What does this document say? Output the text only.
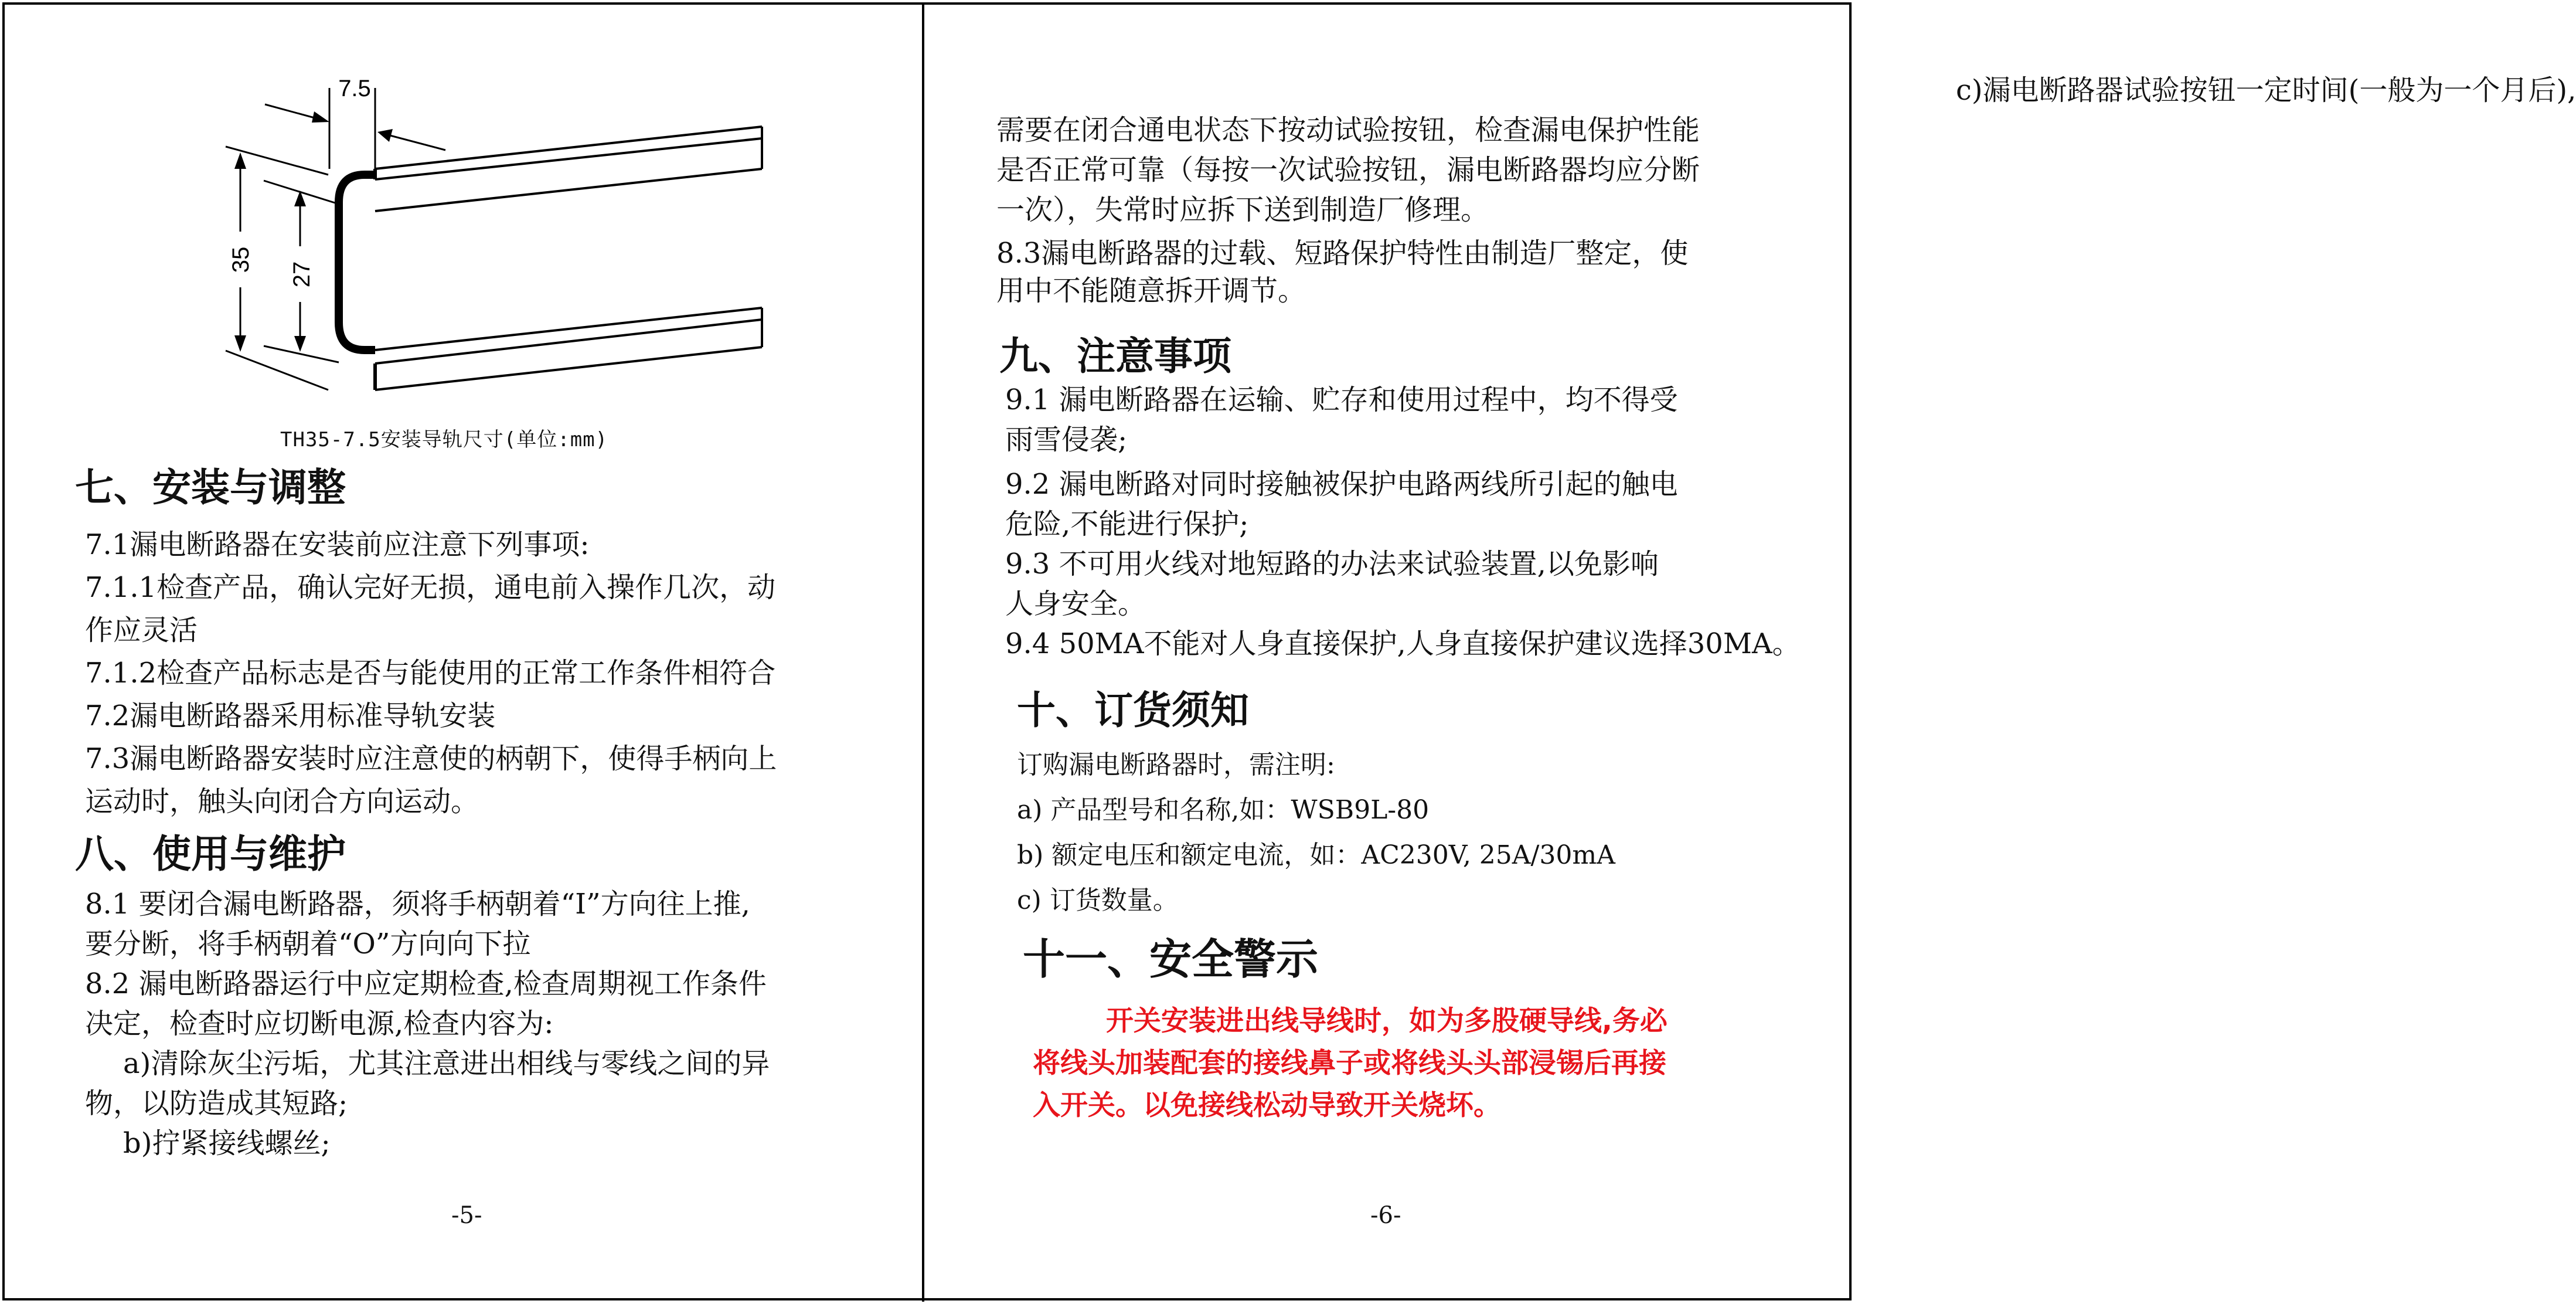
7.5
35
27
TH35-7.5安装导轨尺寸(单位:mm)
七、安装与调整
7.1漏电断路器在安装前应注意下列事项:
7.1.1检查产品，确认完好无损，通电前入操作几次，动
作应灵活
7.1.2检查产品标志是否与能使用的正常工作条件相符合
7.2漏电断路器采用标准导轨安装
7.3漏电断路器安装时应注意使的柄朝下，使得手柄向上
运动时，触头向闭合方向运动。
八、使用与维护
8.1 要闭合漏电断路器，须将手柄朝着“I”方向往上推,
要分断，将手柄朝着“O”方向向下拉
8.2 漏电断路器运行中应定期检查,检查周期视工作条件
决定，检查时应切断电源,检查内容为:
a)清除灰尘污垢，尤其注意进出相线与零线之间的异
物，以防造成其短路;
b)拧紧接线螺丝;
-5-
c)漏电断路器试验按钮一定时间(一般为一个月后),
需要在闭合通电状态下按动试验按钮，检查漏电保护性能
是否正常可靠（每按一次试验按钮，漏电断路器均应分断
一次），失常时应拆下送到制造厂修理。
8.3漏电断路器的过载、短路保护特性由制造厂整定，使
用中不能随意拆开调节。
九、注意事项
9.1 漏电断路器在运输、贮存和使用过程中，均不得受
雨雪侵袭;
9.2 漏电断路对同时接触被保护电路两线所引起的触电
危险,不能进行保护;
9.3 不可用火线对地短路的办法来试验装置,以免影响
人身安全。
9.4 50MA不能对人身直接保护,人身直接保护建议选择30MA。
十、订货须知
订购漏电断路器时，需注明:
a) 产品型号和名称,如：WSB9L-80
b) 额定电压和额定电流，如：AC230V, 25A/30mA
c) 订货数量。
十一、安全警示
开关安装进出线导线时，如为多股硬导线,务必
将线头加装配套的接线鼻子或将线头头部浸锡后再接
入开关。以免接线松动导致开关烧坏。
-6-
